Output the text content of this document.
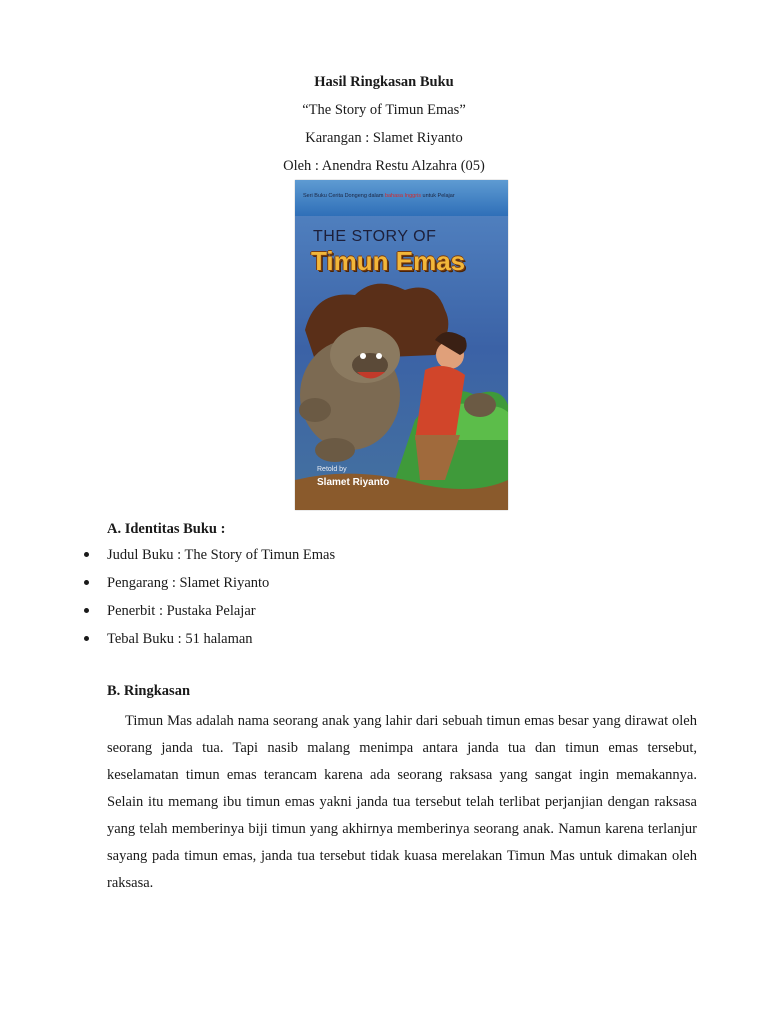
Hasil Ringkasan Buku
“The Story of Timun Emas”
Karangan : Slamet Riyanto
Oleh : Anendra Restu Alzahra (05)
Seri Buku Cerita Dongeng dalam bahasa Inggris untuk Pelajar
THE STORY OF
Timun Emas
Retold by
Slamet Riyanto
A. Identitas Buku :
Judul Buku : The Story of Timun Emas
Pengarang : Slamet Riyanto
Penerbit : Pustaka Pelajar
Tebal Buku : 51 halaman
B. Ringkasan
Timun Mas adalah nama seorang anak yang lahir dari sebuah timun emas besar yang dirawat oleh seorang janda tua. Tapi nasib malang menimpa antara janda tua dan timun emas tersebut, keselamatan timun emas terancam karena ada seorang raksasa yang sangat ingin memakannya. Selain itu memang ibu timun emas yakni janda tua tersebut telah terlibat perjanjian dengan raksasa yang telah memberinya biji timun yang akhirnya memberinya seorang anak. Namun karena terlanjur sayang pada timun emas, janda tua tersebut tidak kuasa merelakan Timun Mas untuk dimakan oleh raksasa.
